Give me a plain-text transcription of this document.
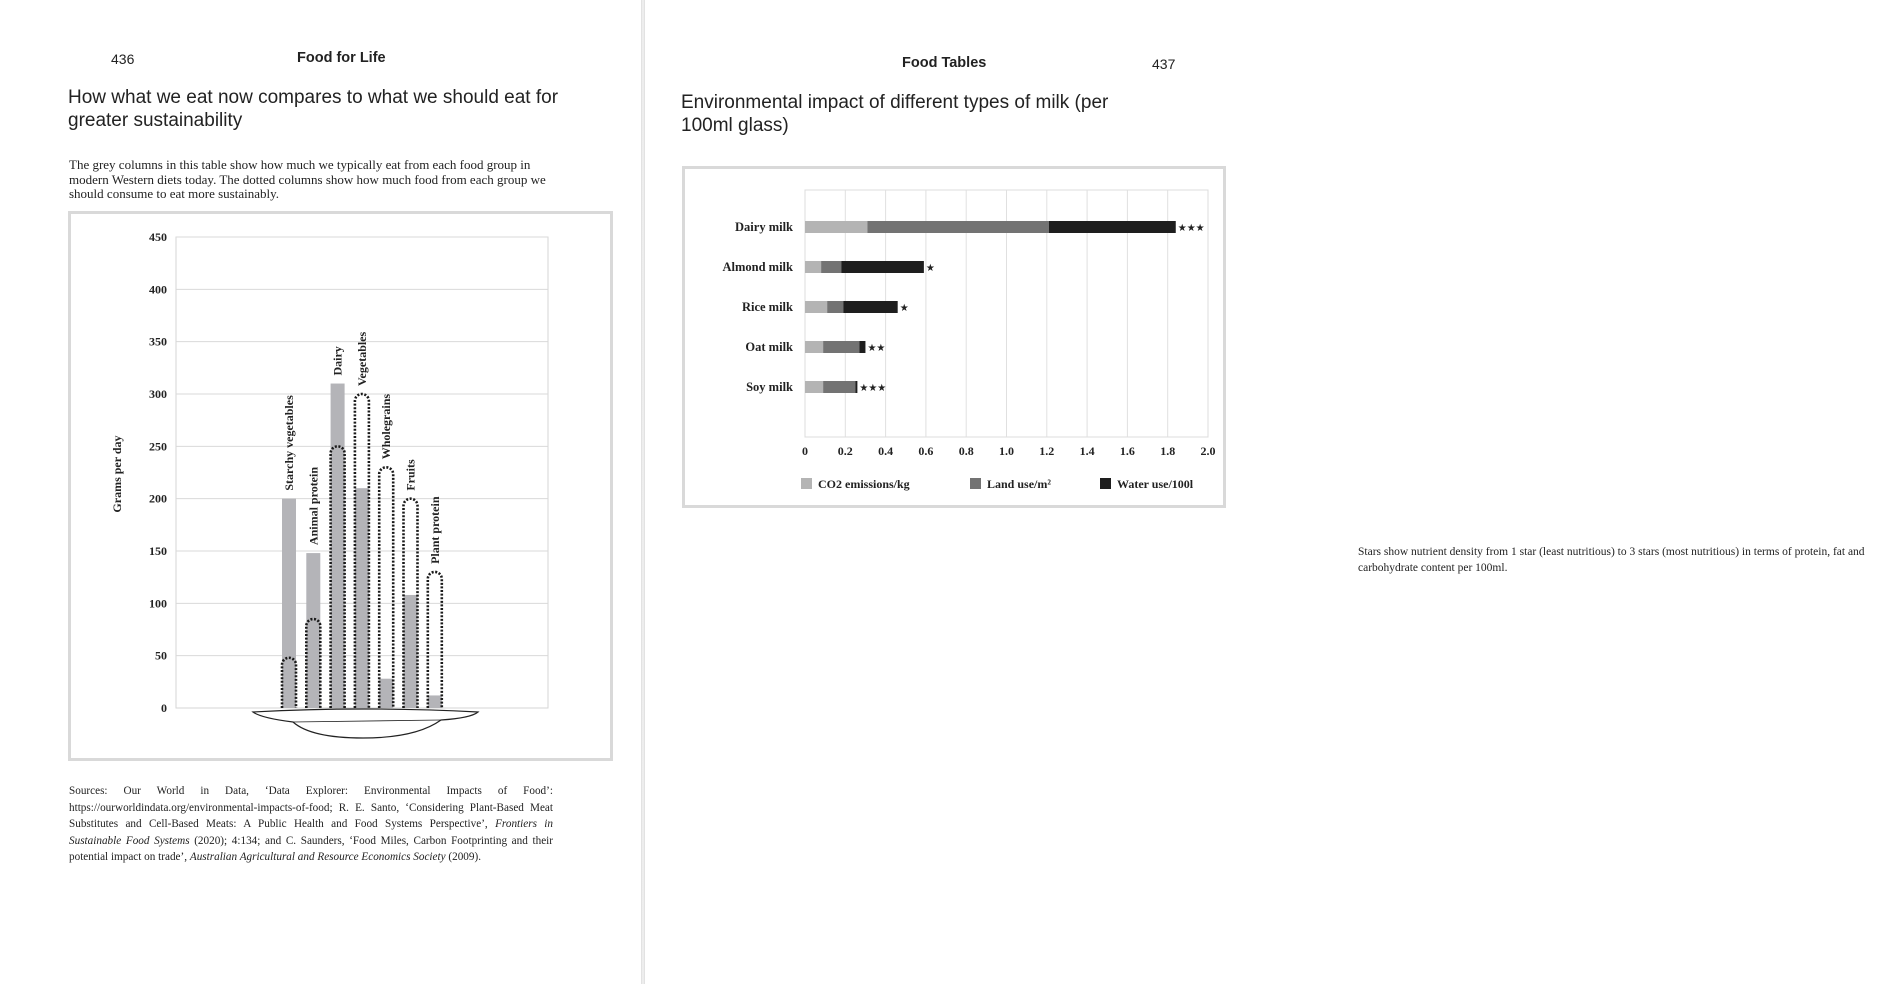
436	Food for Life
How what we eat now compares to what we should eat for greater sustainability

The grey columns in this table show how much we typically eat from each food group in modern Western diets today. The dotted columns show how much food from each group we should consume to eat more sustainably.

0
50
100
150
200
250
300
350
400
450
Grams per day	Starchy vegetables
Animal protein
Dairy Vegetables
Wholegrains
Fruits
Plant protein

Sources: Our World in Data, ‘Data Explorer: Environmental Impacts of Food’: https://ourworldindata.org/environmental-impacts-of-food; R. E. Santo, ‘Considering Plant-Based Meat Substitutes and Cell-Based Meats: A Public Health and Food Systems Perspective’, Frontiers in Sustainable Food Systems (2020); 4:134; and C. Saunders, ‘Food Miles, Carbon Footprinting and their potential impact on trade’, Australian Agricultural and Resource Economics Society (2009).

Food Tables	437
Environmental impact of different types of milk (per 100ml glass)
0 0.2 0.4 0.6 0.8 1.0 1.2 1.4 1.6 1.8 2.0
Dairy milk	★★★
Almond milk	★
Rice milk	★
Oat milk	★★
Soy milk	★★★
CO2 emissions/kg	Land use/m²	Water use/100l

Stars show nutrient density from 1 star (least nutritious) to 3 stars (most nutritious) in terms of protein, fat and carbohydrate content per 100ml.
